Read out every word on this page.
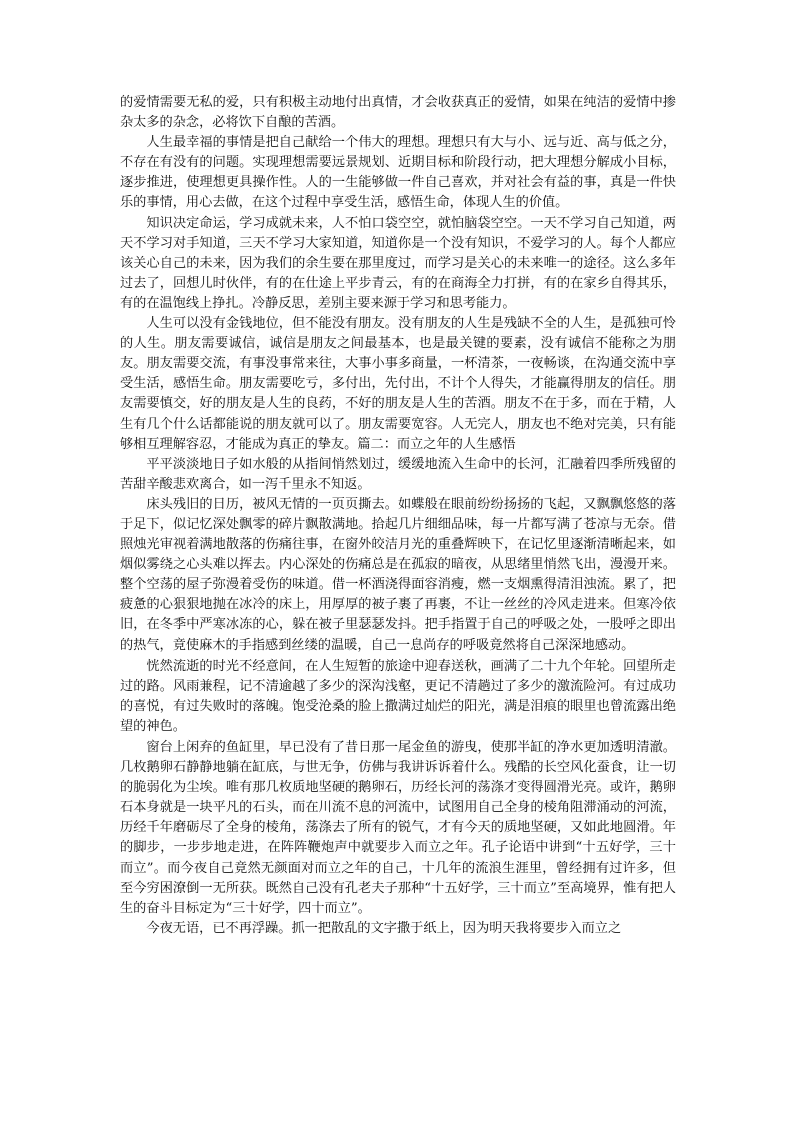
的爱情需要无私的爱，只有积极主动地付出真情，才会收获真正的爱情，如果在纯洁的爱情中掺杂太多的杂念，必将饮下自酿的苦酒。

人生最幸福的事情是把自己献给一个伟大的理想。理想只有大与小、远与近、高与低之分，不存在有没有的问题。实现理想需要远景规划、近期目标和阶段行动，把大理想分解成小目标，逐步推进，使理想更具操作性。人的一生能够做一件自己喜欢，并对社会有益的事，真是一件快乐的事情，用心去做，在这个过程中享受生活，感悟生命，体现人生的价值。

知识决定命运，学习成就未来，人不怕口袋空空，就怕脑袋空空。一天不学习自己知道，两天不学习对手知道，三天不学习大家知道，知道你是一个没有知识，不爱学习的人。每个人都应该关心自己的未来，因为我们的余生要在那里度过，而学习是关心的未来唯一的途径。这么多年过去了，回想儿时伙伴，有的在仕途上平步青云，有的在商海全力打拼，有的在家乡自得其乐，有的在温饱线上挣扎。冷静反思，差别主要来源于学习和思考能力。

人生可以没有金钱地位，但不能没有朋友。没有朋友的人生是残缺不全的人生，是孤独可怜的人生。朋友需要诚信，诚信是朋友之间最基本，也是最关键的要素，没有诚信不能称之为朋友。朋友需要交流，有事没事常来往，大事小事多商量，一杯清茶，一夜畅谈，在沟通交流中享受生活，感悟生命。朋友需要吃亏，多付出，先付出，不计个人得失，才能赢得朋友的信任。朋友需要慎交，好的朋友是人生的良药，不好的朋友是人生的苦酒。朋友不在于多，而在于精，人生有几个什么话都能说的朋友就可以了。朋友需要宽容。人无完人，朋友也不绝对完美，只有能够相互理解容忍，才能成为真正的挚友。篇二：而立之年的人生感悟

平平淡淡地日子如水般的从指间悄然划过，缓缓地流入生命中的长河，汇融着四季所残留的苦甜辛酸悲欢离合，如一泻千里永不知返。

床头残旧的日历，被风无情的一页页撕去。如蝶般在眼前纷纷扬扬的飞起，又飘飘悠悠的落于足下，似记忆深处飘零的碎片飘散满地。拾起几片细细品味，每一片都写满了苍凉与无奈。借照烛光审视着满地散落的伤痛往事，在窗外皎洁月光的重叠辉映下，在记忆里逐渐清晰起来，如烟似雾绕之心头难以挥去。内心深处的伤痛总是在孤寂的暗夜，从思绪里悄然飞出，漫漫开来。整个空荡的屋子弥漫着受伤的味道。借一杯酒浇得面容消瘦，燃一支烟熏得清泪浊流。累了，把疲惫的心狠狠地抛在冰冷的床上，用厚厚的被子裹了再裹，不让一丝丝的冷风走进来。但寒冷依旧，在冬季中严寒冰冻的心，躲在被子里瑟瑟发抖。把手指置于自己的呼吸之处，一股呼之即出的热气，竟使麻木的手指感到丝缕的温暖，自己一息尚存的呼吸竟然将自己深深地感动。

恍然流逝的时光不经意间，在人生短暂的旅途中迎春送秋，画满了二十九个年轮。回望所走过的路。风雨兼程，记不清逾越了多少的深沟浅壑，更记不清趟过了多少的激流险河。有过成功的喜悦，有过失败时的落魄。饱受沧桑的脸上撒满过灿烂的阳光，满是泪痕的眼里也曾流露出绝望的神色。

窗台上闲弃的鱼缸里，早已没有了昔日那一尾金鱼的游曳，使那半缸的净水更加透明清澈。几枚鹅卵石静静地躺在缸底，与世无争，仿佛与我讲诉诉着什么。残酷的长空风化蚕食，让一切的脆弱化为尘埃。唯有那几枚质地坚硬的鹅卵石，历经长河的荡涤才变得圆滑光亮。或许，鹅卵石本身就是一块平凡的石头，而在川流不息的河流中，试图用自己全身的棱角阻滞涌动的河流，历经千年磨砺尽了全身的棱角，荡涤去了所有的锐气，才有今天的质地坚硬，又如此地圆滑。年的脚步，一步步地走进，在阵阵鞭炮声中就要步入而立之年。孔子论语中讲到“十五好学，三十而立”。而今夜自己竟然无颜面对而立之年的自己，十几年的流浪生涯里，曾经拥有过许多，但至今穷困潦倒一无所获。既然自己没有孔老夫子那种“十五好学，三十而立”至高境界，惟有把人生的奋斗目标定为“三十好学，四十而立”。

今夜无语，已不再浮躁。抓一把散乱的文字撒于纸上，因为明天我将要步入而立之
